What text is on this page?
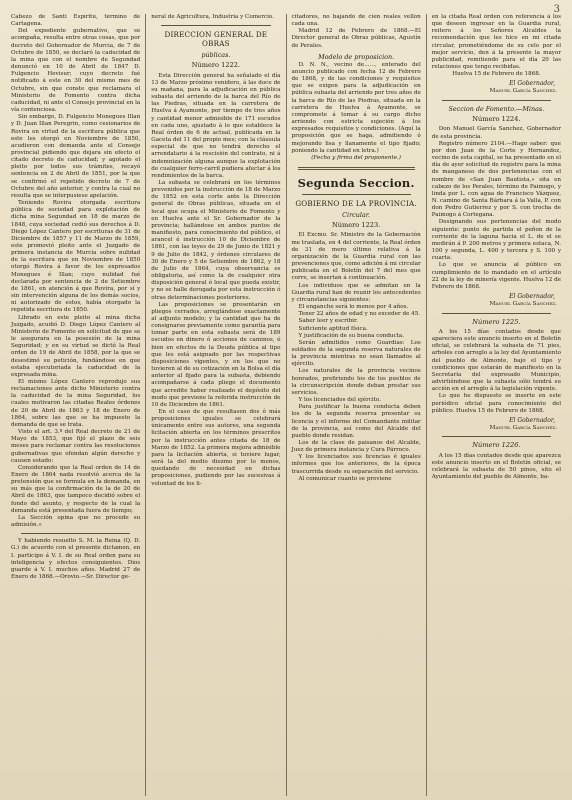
3

Cabezo de Santi Espíritu, término de Cartagena.

Del expediente gubernativo, que se acompaña, resulta entre otras cosas, que por decreto del Gobernador de Murcia, de 7 de Octubre de 1850, se declaró la caducidad de la mina que con el nombre de Segundad denunció en 10 de Abril de 1847 D. Fulgencio Hevisur; cuyo decreto fué notificado á este en 30 del mismo mes de Octubre, sin que conste que reclamara el Ministerio de Fomento contra dicha caducidad, ni ante el Consejo provincial en la vía contenciosa.

Sin embargo, D. Fulgencio Monegues Illan y D. Juan Illan Peregrin, como cesionarios de Rovira en virtud de la escritura pública que este les otorgó en Noviembre de 1850, acudieron con demanda ante el Consejo provincial pidiendo que dejara sin efecto el citado decreto de caducidad; y agotado el pleito por todos sus trámites, recayó sentencia en 2 de Abril de 1851, por la que se confirmó el repetido decreto de 7 de Octubre del año anterior, y contra la cual no resulta que se interpusiese apelación.

Teniendo Rovira otorgada escritura pública de sociedad para explotación de dicha mina Segundad en 18 de marzo de 1848, cuya sociedad cedió sus derechos á D. Diego López Cantero por escrituras de 31 de Diciembre de 1857 y 11 de Marzo de 1859, este promovió pleito ante el Juzgado de primera instancia de Murcia sobre nulidad de la escritura que en Noviembre de 1850 otorgó Rovira á favor de los expresados Monegues é Illan; cuyo nulidad fué declarada por sentencia de 2 de Setiembre de 1861, en atención á que Rovira, por sí y sin intervención alguna de los demás socios, ni autorizado de estos, había otorgado la repetida escritura de 1850.

Librado en este pleito al mina dicha Juzgado, acudió D. Diego López Cantero al Ministerio de Fomento en solicitud de que se le asegurara en la posesión de la mina Seguridad; y en su virtud se dictó la Real orden de 19 de Abril de 1858, por la que se desestimó su petición, fundándose en que estaba ejecutoriada la caducidad de la expresada mina.

El mismo López Cantero reprodujo sus reclamaciones ante dicho Ministerio contra la caducidad de la mina Seguridad, los cuales motivaron las citadas Reales órdenes de 20 de Abril de 1863 y 18 de Enero de 1864, sobre las que se ha impuesto la demanda de que se trata.

Visto el art. 3.º del Real decreto de 21 de Mayo de 1853, que fijó el plazo de seis meses para reclamar contra las resoluciones gubernativas que ofendan algún derecho y causen estado:

Considerando que la Real orden de 14 de Enero de 1864 nada resolvió acerca de la pretensión que se formula en la demanda, en su más que la confirmación de la de 20 de Abril de 1863, que tampoco decidió sobre el fondo del asunto, y respecto de la cual la demanda está presentada fuera de tiempo;

La Sección opina que no procede su admisión.»

Y habiendo resuelto S. M. la Reina (Q. D. G.) de acuerdo con el presente dictamen, en I. participo á V. I. de su Real orden para su inteligencia y efectos consiguientes. Dios guarde á V. I. muchos años. Madrid 27 de Enero de 1868.—Orovio.—Sr. Director ge-

neral de Agricultura, Industria y Comercio.

DIRECCION GENERAL DE OBRAS
públicas.
Número 1222.

Esta Dirección general ha señalado el día 13 de Marzo próximo venidero, á las doce de su mañana, para la adjudicación en pública subasta del arriendo de la barca del Río de las Piedras, situada en la carretera de Huelva á Ayamonte, por tiempo de tres años y cantidad menor admisible de 171 escudos en cada uno, ajustado á lo que establece la Real órden de 6 de actual, publicada en la Gaceta del 11 del propio mes; con la cláusula especial de que no tendrá derecho el arrendatario á la rescisión del contrato, ni á indemnización alguna aunque la explotación de cualquier ferro-carril pudiera afectar á los rendimientos de la barca.

La subasta se celebrará en los términos prevenidos por la instrucción de 18 de Marzo de 1852 en esta corte ante la Dirección general de Obras públicas, situada en el local que ocupa el Ministerio de Fomento y en Huelva ante el Sr. Gobernador de la provincia; hallándose en ambos puntos de manifiesto, para conocimiento del público, el arancel é instrucción 10 de Diciembre de 1861, con las leyes de 29 de Junio de 1821 y 9 de Julio de 1842, y órdenes circulares de 30 de Enero y 5 de Setiembre de 1862, y 18 de Julio de 1864, cuya observancia es obligatoria, así como la de cualquier otra disposición general ó local que pueda existir, y no se halle derogada por esta instrucción ó otras determinaciones posteriores.

Las proposiciones se presentarán en pliegos cerrados, arreglándose exactamente al adjunto modelo; y la cantidad que ha de consignarse previamente como garantía para tomar parte en esta subasta será de 189 escudos en dinero ó acciones de caminos, ó bien en efectos de la Deuda pública al tipo que les está asignado por las respectivas disposiciones vigentes, y en los que no tuvieren al de su cotización en la Bolsa el día anterior al fijado para la subasta, debiendo acompañarse á cada pliego el documento que acredite haber realizado el depósito del modo que previene la referida instrucción de 10 de Diciembre de 1861.

En el caso de que resultasen dos ó más proposiciones iguales se celebrará únicamente entre sus autores, una segunda licitación abierta en los términos prescritos por la instrucción antes citada de 18 de Marzo de 1852. La primera mejora admisible para la licitación abierta, si tuviere lugar, será la del medio diezmo por lo menos, quedando de necesidad en dichas proposiciones, pudiendo por las sucesivas á voluntad de los li-

citadores, no bajando de cien reales vellón cada una.

Madrid 12 de Febrero de 1868.—El Director general de Obras públicas, Agustín de Perales.

Modelo de proposicion.

D. N. N., vecino de......, enterado del anuncio publicado con fecha 12 de Febrero de 1868, y de las condiciones y requisitos que se exigen para la adjudicación en pública subasta del arriendo por tres años de la barca de Río de las Piedras, situada en la carretera de Huelva á Ayamonte, se compromete á tomar á su cargo dicho arriendo con estricta sujeción á los expresados requisitos y condiciones. (Aquí la proposición que se haga, admitiendo ó mejorando lisa y llanamente el tipo fijado; poniendo la cantidad en letra.)

(Fecha y firma del proponente.)

Segunda Seccion.
GOBIERNO DE LA PROVINCIA.
Circular.
Número 1223.

El Excmo. Sr. Ministro de la Gobernación me traslada, en 4 del corriente, la Real órden de 31 de mero último relativa á la organización de la Guardia rural con las prevenciones que, como adición á mi circular publicada en el Boletín del 7 del mes que corre, se insertan á continuación.

Los individuos que se admitan en la Guardia rural han de reunir los antecedentes y circunstancias siguientes:

El enganche será lo menos por 4 años.

Tener 22 años de edad y no exceder de 45.

Saber leer y escribir.

Suficiente aptitud física.

Y justificación de su buena conducta.

Serán admitidos como Guardias: Los soldados de la segunda reserva naturales de la provincia mientras no sean llamados al ejército.

Los naturales de la provincia vecinos honrados, prefiriendo los de los pueblos de la circunscripción donde deban prestar sus servicios.

Y los licenciados del ejército.

Para justificar la buena conducta deben los de la segunda reserva presentar su licencia y el informe del Comandante militar de la provincia, así como del Alcalde del pueblo donde residan.

Los de la clase de paisanos del Alcalde, Juez de primera instancia y Cura Párroco.

Y los licenciados sus licencias é iguales informes que los anteriores, de la época trascurrida desde su separación del servicio.

Al comunicar cuanto se previene

en la citada Real órden con referencia á los que deseen ingresar en la Guardia rural, reitero á los Señores Alcaldes la recomendación que les hice en mi citada circular, prometiéndome de su celo por el mejor servicio, den á la presente la mayor publicidad, remitiendo para el día 20 las relaciones que tengo recibidas.

Huelva 15 de Febrero de 1868.

El Gobernador,
Manuel García Sanchez.
Seccion de Fomento.—Minas.
Número 1224.

Don Manuel García Sanchez, Gobernador de esta provincia.

Registro número 2104.—Hago saber: que por don Juan de la Corte y Hernandez, vecino de esta capital, se ha presentado en el día de ayer solicitud de registro para la mina de manganeso de dos pertenencias con el nombre de «San Juan Bautista,» sita en cabezo de los Perales, término de Paimogo, y linda por L. con agua de Francisco Vázquez, N. camino de Santa Bárbara á la Valla, P. con don Pedro Gutierrez y por S. con trocha de Paimogo á Cortegana.

Designando sus pertenencias del modo siguiente: punto de partida el peñon de la corriente de la laguna hacia el L. de el se medirán á P. 200 metros y primera estaca, N. 100 y segunda, L. 400 y tercera y S. 100 y cuarta.

Lo que se anuncia al público en cumplimiento de lo mandado en el artículo 22 de la ley de minería vigente. Huelva 12 de Febrero de 1868.

El Gobernador,
Manuel García Sanchez.
Número 1225.

A los 15 días contados desde que apareciera este anuncio inserto en el Boletín oficial, se celebrará la subasta de 71 pies, arboles con arreglo a la ley del Ayuntamiento del pueblo de Almonte, bajo el tipo y condiciones que estarán de manifiesto en la Secretaría del expresado Municipio, advirtiéndose que la subasta sólo tendrá su acción en el arreglo á la legislación vigente.

Lo que he dispuesto se inserte en este periódico oficial para conocimiento del público. Huelva 15 de Febrero de 1868.

El Gobernador,
Manuel García Sanchez.
Número 1226.

A los 15 días contados desde que aparezca este anuncio inserto en el Boletín oficial, se celebrará la subasta de 50 pinos, sito el Ayuntamiento del pueblo de Almonte, ba-
